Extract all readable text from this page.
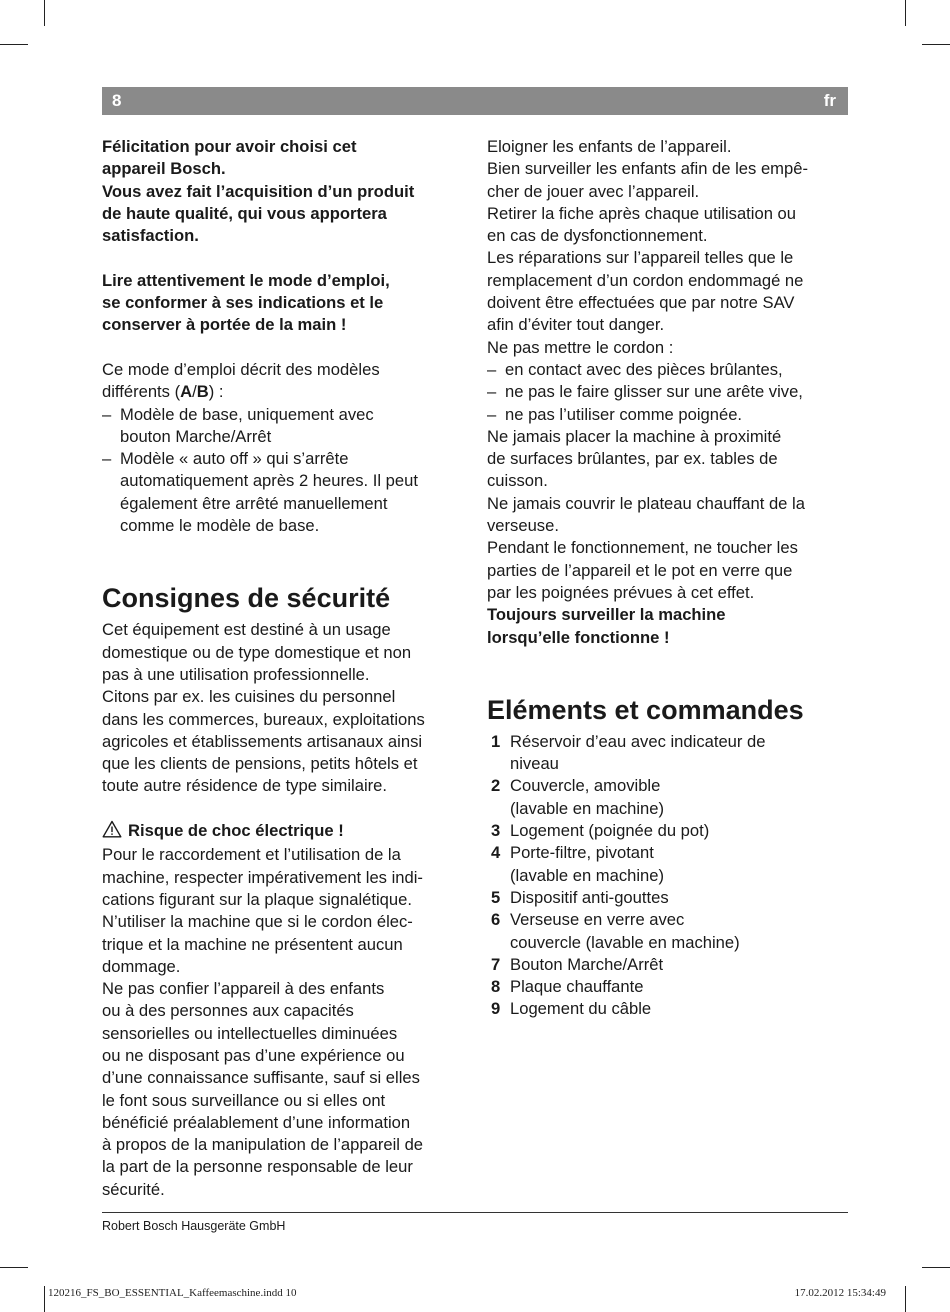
8	fr

Félicitation pour avoir choisi cet

appareil Bosch.

Vous avez fait l’acquisition d’un produit

de haute qualité, qui vous apportera

satisfaction.

Lire attentivement le mode d’emploi,

se conformer à ses indications et le

conserver à portée de la main !

Ce mode d’emploi décrit des modèles

différents (A/B) :

– Modèle de base, uniquement avec

bouton Marche/Arrêt

– Modèle « auto off » qui s’arrête

automatiquement après 2 heures. Il peut

également être arrêté manuellement

comme le modèle de base.

Consignes de sécurité

Cet équipement est destiné à un usage

domestique ou de type domestique et non

pas à une utilisation professionnelle.

Citons par ex. les cuisines du personnel

dans les commerces, bureaux, exploitations

agricoles et établissements artisanaux ainsi

que les clients de pensions, petits hôtels et

toute autre résidence de type similaire.

Risque de choc électrique !

Pour le raccordement et l’utilisation de la

machine, respecter impérativement les indi-

cations figurant sur la plaque signalétique.

N’utiliser la machine que si le cordon élec-

trique et la machine ne présentent aucun

dommage.

Ne pas confier l’appareil à des enfants

ou à des personnes aux capacités

sensorielles ou intellectuelles diminuées

ou ne disposant pas d’une expérience ou

d’une connaissance suffisante, sauf si elles

le font sous surveillance ou si elles ont

bénéficié préalablement d’une information

à propos de la manipulation de l’appareil de

la part de la personne responsable de leur

sécurité.

Eloigner les enfants de l’appareil.

Bien surveiller les enfants afin de les empê-

cher de jouer avec l’appareil.

Retirer la fiche après chaque utilisation ou

en cas de dysfonctionnement.

Les réparations sur l’appareil telles que le

remplacement d’un cordon endommagé ne

doivent être effectuées que par notre SAV

afin d’éviter tout danger.

Ne pas mettre le cordon :

– en contact avec des pièces brûlantes,

– ne pas le faire glisser sur une arête vive,

– ne pas l’utiliser comme poignée.

Ne jamais placer la machine à proximité

de surfaces brûlantes, par ex. tables de

cuisson.

Ne jamais couvrir le plateau chauffant de la

verseuse.

Pendant le fonctionnement, ne toucher les

parties de l’appareil et le pot en verre que

par les poignées prévues à cet effet.

Toujours surveiller la machine

lorsqu’elle fonctionne !

Eléments et commandes
1 Réservoir d’eau avec indicateur de

niveau

2 Couvercle, amovible

(lavable en machine)

3 Logement (poignée du pot)

4 Porte-filtre, pivotant

(lavable en machine)

5 Dispositif anti-gouttes

6 Verseuse en verre avec

couvercle (lavable en machine)

7 Bouton Marche/Arrêt

8 Plaque chauffante

9 Logement du câble

Robert Bosch Hausgeräte GmbH
120216_FS_BO_ESSENTIAL_Kaffeemaschine.indd 10	17.02.2012 15:34:49
